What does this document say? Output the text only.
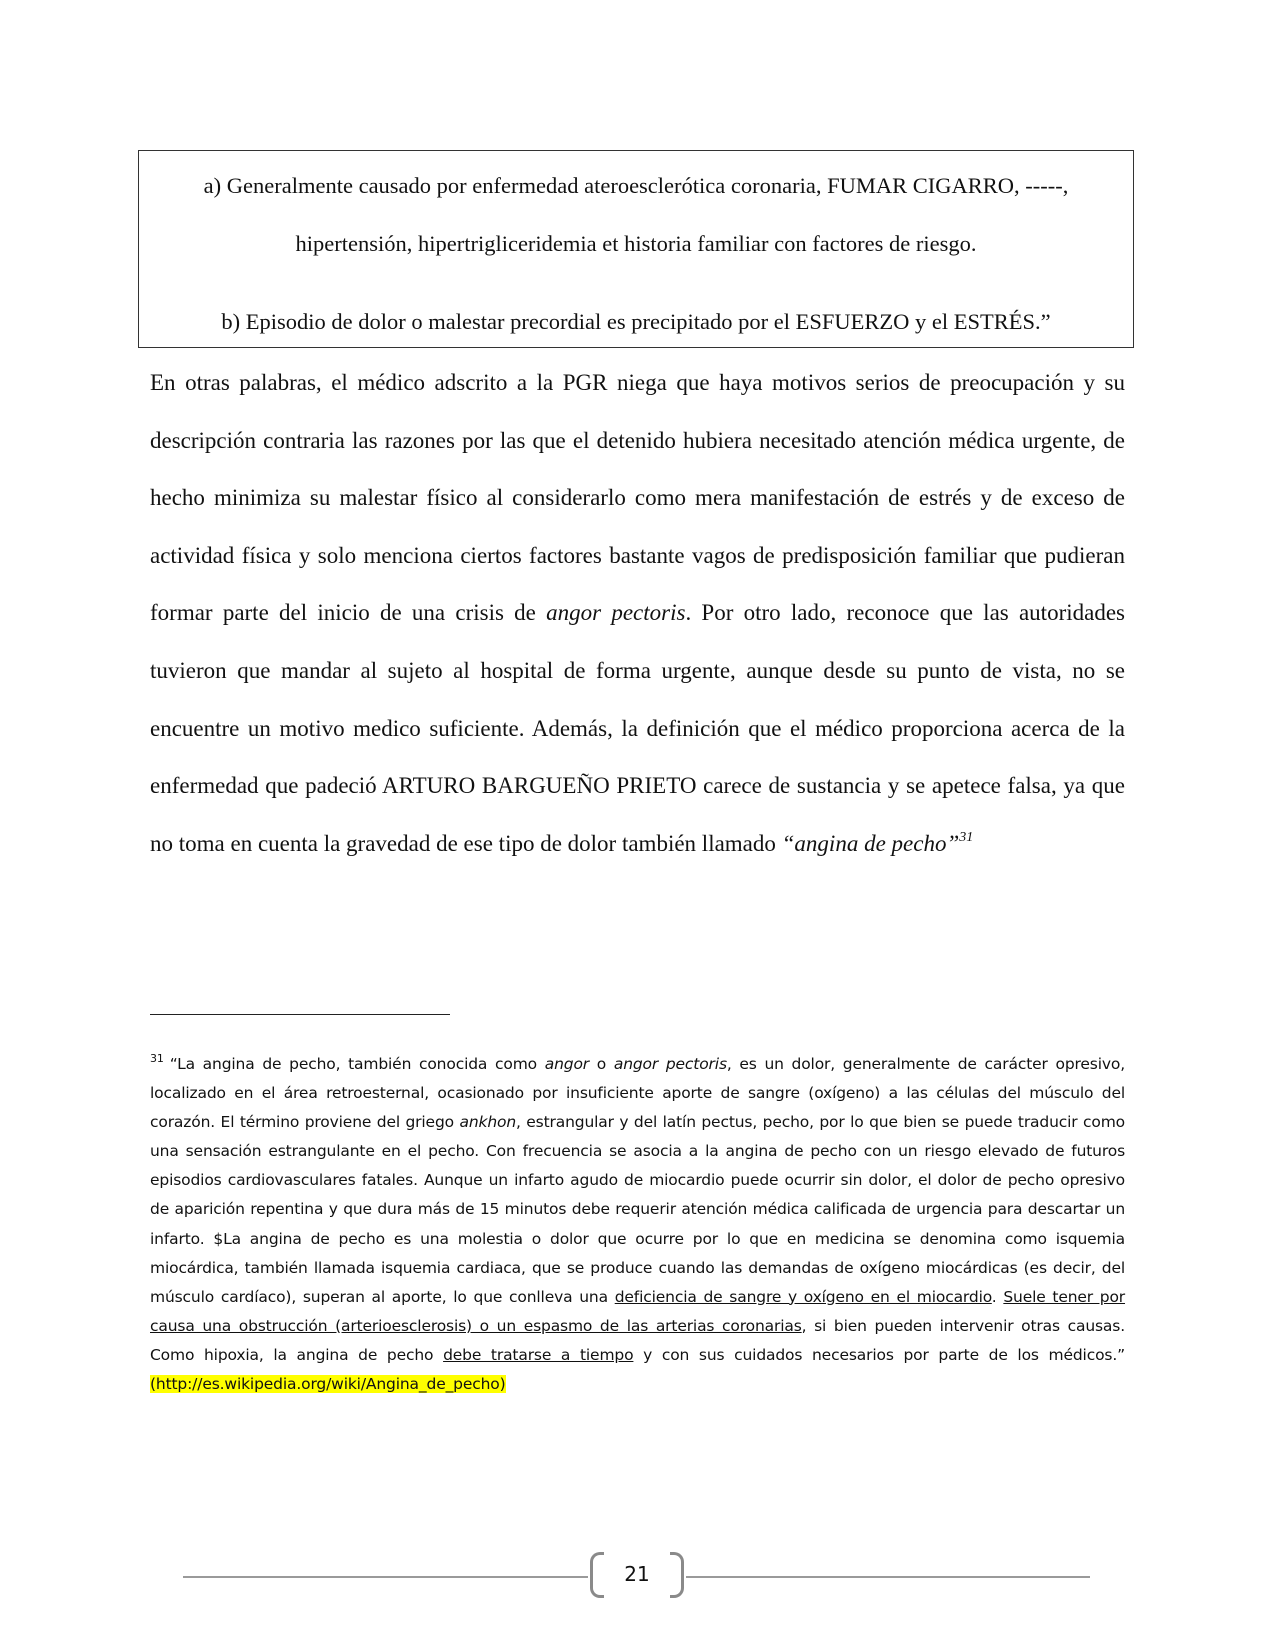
a) Generalmente causado por enfermedad ateroesclerótica coronaria, FUMAR CIGARRO, -----,

hipertensión, hipertrigliceridemia et historia familiar con factores de riesgo.

b) Episodio de dolor o malestar precordial es precipitado por el ESFUERZO y el ESTRÉS.”

En otras palabras, el médico adscrito a la PGR niega que haya motivos serios de preocupación y su descripción contraria las razones por las que el detenido hubiera necesitado atención médica urgente, de hecho minimiza su malestar físico al considerarlo como mera manifestación de estrés y de exceso de actividad física y solo menciona ciertos factores bastante vagos de predisposición familiar que pudieran formar parte del inicio de una crisis de angor pectoris. Por otro lado, reconoce que las autoridades tuvieron que mandar al sujeto al hospital de forma urgente, aunque desde su punto de vista, no se encuentre un motivo medico suficiente. Además, la definición que el médico proporciona acerca de la enfermedad que padeció ARTURO BARGUEÑO PRIETO carece de sustancia y se apetece falsa, ya que no toma en cuenta la gravedad de ese tipo de dolor también llamado “angina de pecho”$^{31}$

$^{31}$ “La angina de pecho, también conocida como angor o angor pectoris, es un dolor, generalmente de carácter opresivo, localizado en el área retroesternal, ocasionado por insuficiente aporte de sangre (oxígeno) a las células del músculo del corazón. El término proviene del griego ankhon, estrangular y del latín pectus, pecho, por lo que bien se puede traducir como una sensación estrangulante en el pecho. Con frecuencia se asocia a la angina de pecho con un riesgo elevado de futuros episodios cardiovasculares fatales. Aunque un infarto agudo de miocardio puede ocurrir sin dolor, el dolor de pecho opresivo de aparición repentina y que dura más de 15 minutos debe requerir atención médica calificada de urgencia para descartar un infarto. $La angina de pecho es una molestia o dolor que ocurre por lo que en medicina se denomina como isquemia miocárdica, también llamada isquemia cardiaca, que se produce cuando las demandas de oxígeno miocárdicas (es decir, del músculo cardíaco), superan al aporte, lo que conlleva una deficiencia de sangre y oxígeno en el miocardio. Suele tener por causa una obstrucción (arterioesclerosis) o un espasmo de las arterias coronarias, si bien pueden intervenir otras causas. Como hipoxia, la angina de pecho debe tratarse a tiempo y con sus cuidados necesarios por parte de los médicos.” (http://es.wikipedia.org/wiki/Angina_de_pecho)

21
